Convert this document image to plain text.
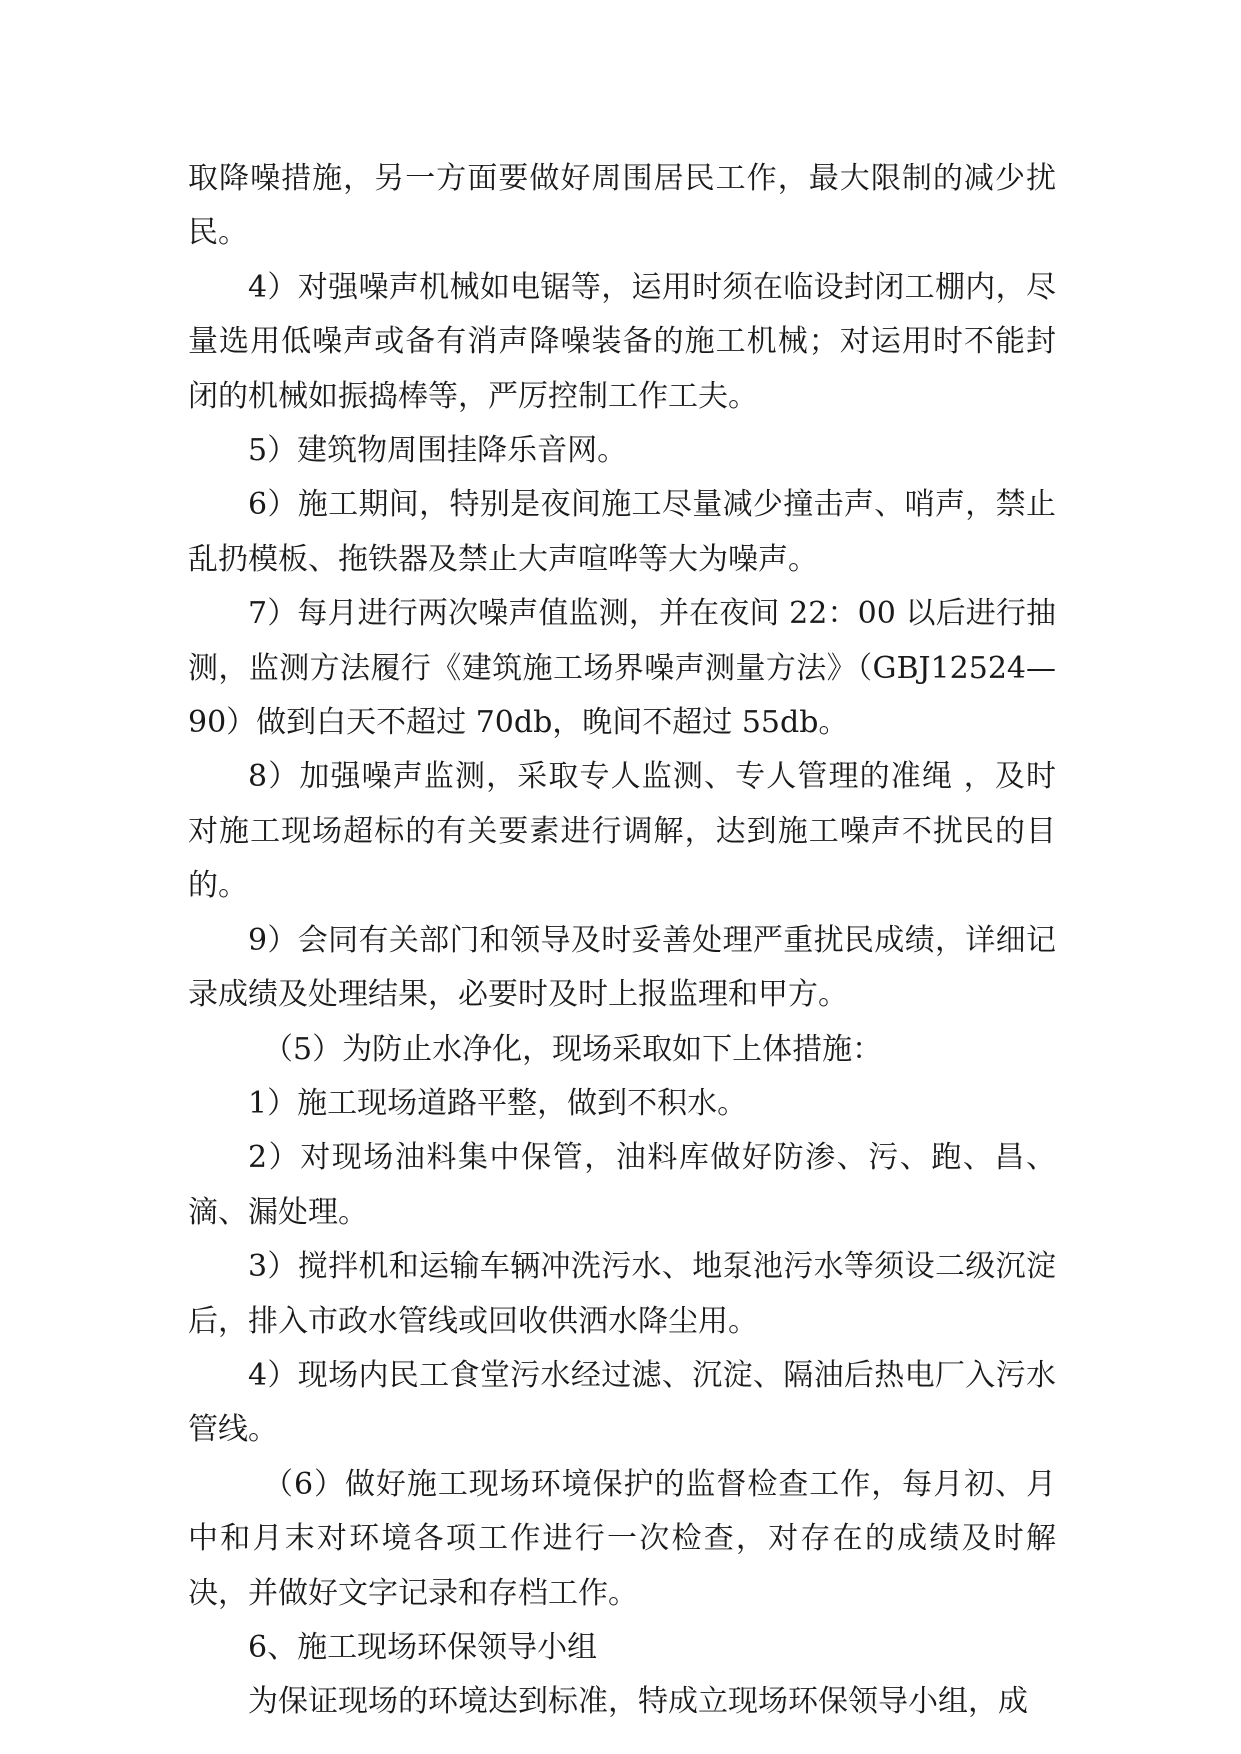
取降噪措施，另一方面要做好周围居民工作，最大限制的减少扰民。

4）对强噪声机械如电锯等，运用时须在临设封闭工棚内，尽量选用低噪声或备有消声降噪装备的施工机械；对运用时不能封闭的机械如振捣棒等，严厉控制工作工夫。

5）建筑物周围挂降乐音网。

6）施工期间，特别是夜间施工尽量减少撞击声、哨声，禁止乱扔模板、拖铁器及禁止大声喧哗等大为噪声。

7）每月进行两次噪声值监测，并在夜间 22：00 以后进行抽测，监测方法履行《建筑施工场界噪声测量方法》（GBJ12524—90）做到白天不超过 70db，晚间不超过 55db。

8）加强噪声监测，采取专人监测、专人管理的准绳 ，及时对施工现场超标的有关要素进行调解，达到施工噪声不扰民的目的。

9）会同有关部门和领导及时妥善处理严重扰民成绩，详细记录成绩及处理结果，必要时及时上报监理和甲方。

（5）为防止水净化，现场采取如下上体措施：

1）施工现场道路平整，做到不积水。

2）对现场油料集中保管，油料库做好防渗、污、跑、昌、滴、漏处理。

3）搅拌机和运输车辆冲洗污水、地泵池污水等须设二级沉淀后，排入市政水管线或回收供洒水降尘用。

4）现场内民工食堂污水经过滤、沉淀、隔油后热电厂入污水管线。

（6）做好施工现场环境保护的监督检查工作，每月初、月中和月末对环境各项工作进行一次检查，对存在的成绩及时解决，并做好文字记录和存档工作。

6、施工现场环保领导小组

为保证现场的环境达到标准，特成立现场环保领导小组，成
